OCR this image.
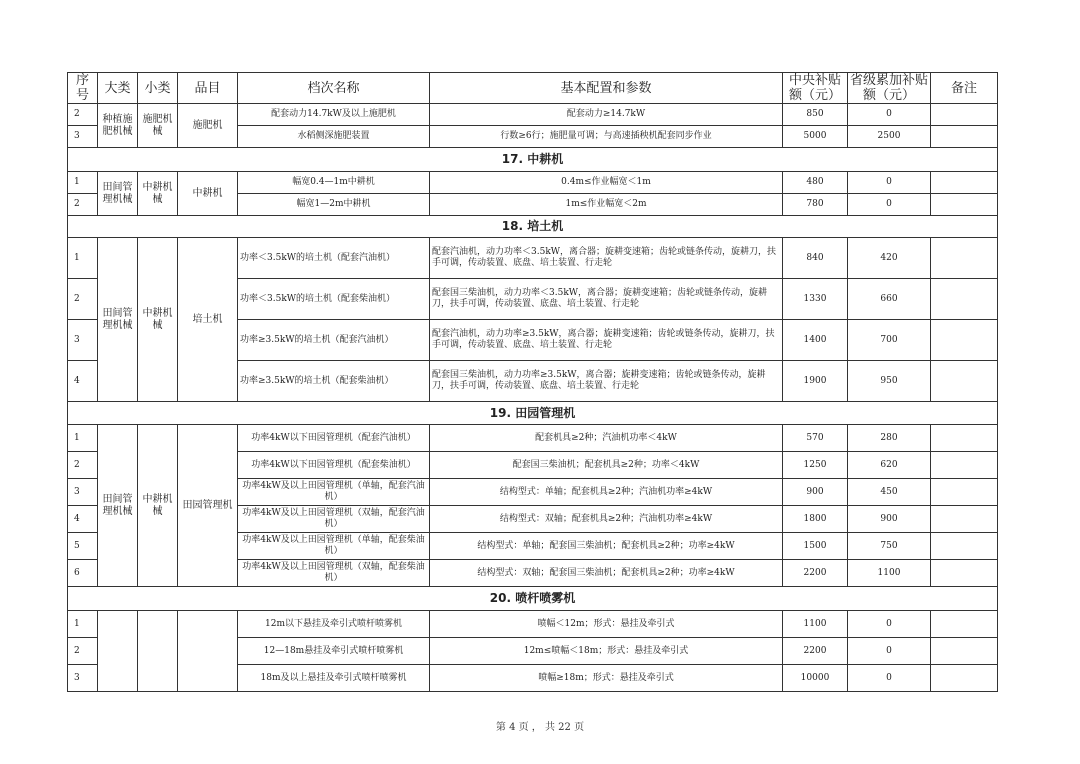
序号	大类	小类	品目	档次名称	基本配置和参数	中央补贴额（元）	省级累加补贴额（元）	备注
2	种植施肥机械	施肥机械	施肥机	配套动力14.7kW及以上施肥机	配套动力≥14.7kW	850	0	
3				水稻侧深施肥装置	行数≥6行；施肥量可调；与高速插秧机配套同步作业	5000	2500	
17. 中耕机								
1	田间管理机械	中耕机械	中耕机	幅宽0.4—1m中耕机	0.4m≤作业幅宽＜1m	480	0	
2				幅宽1—2m中耕机	1m≤作业幅宽＜2m	780	0	
18. 培土机								
1	田间管理机械	中耕机械	培土机	功率＜3.5kW的培土机（配套汽油机）	配套汽油机，动力功率＜3.5kW，离合器；旋耕变速箱；齿轮或链条传动，旋耕刀，扶手可调，传动装置、底盘、培土装置、行走轮	840	420	
2				功率＜3.5kW的培土机（配套柴油机）	配套国三柴油机，动力功率＜3.5kW，离合器；旋耕变速箱；齿轮或链条传动，旋耕刀，扶手可调，传动装置、底盘、培土装置、行走轮	1330	660	
3				功率≥3.5kW的培土机（配套汽油机）	配套汽油机，动力功率≥3.5kW，离合器；旋耕变速箱；齿轮或链条传动，旋耕刀，扶手可调，传动装置、底盘、培土装置、行走轮	1400	700	
4				功率≥3.5kW的培土机（配套柴油机）	配套国三柴油机，动力功率≥3.5kW，离合器；旋耕变速箱；齿轮或链条传动，旋耕刀，扶手可调，传动装置、底盘、培土装置、行走轮	1900	950	
19. 田园管理机								
1	田间管理机械	中耕机械	田园管理机	功率4kW以下田园管理机（配套汽油机）	配套机具≥2种；汽油机功率＜4kW	570	280	
2				功率4kW以下田园管理机（配套柴油机）	配套国三柴油机；配套机具≥2种；功率＜4kW	1250	620	
3				功率4kW及以上田园管理机（单轴，配套汽油机）	结构型式：单轴；配套机具≥2种；汽油机功率≥4kW	900	450	
4				功率4kW及以上田园管理机（双轴，配套汽油机）	结构型式：双轴；配套机具≥2种；汽油机功率≥4kW	1800	900	
5				功率4kW及以上田园管理机（单轴，配套柴油机）	结构型式：单轴；配套国三柴油机；配套机具≥2种；功率≥4kW	1500	750	
6				功率4kW及以上田园管理机（双轴，配套柴油机）	结构型式：双轴；配套国三柴油机；配套机具≥2种；功率≥4kW	2200	1100	
20. 喷杆喷雾机								
1				12m以下悬挂及牵引式喷杆喷雾机	喷幅＜12m；形式：悬挂及牵引式	1100	0	
2				12—18m悬挂及牵引式喷杆喷雾机	12m≤喷幅＜18m；形式：悬挂及牵引式	2200	0	
3				18m及以上悬挂及牵引式喷杆喷雾机	喷幅≥18m；形式：悬挂及牵引式	10000	0	
第 4 页 ， 共 22 页
